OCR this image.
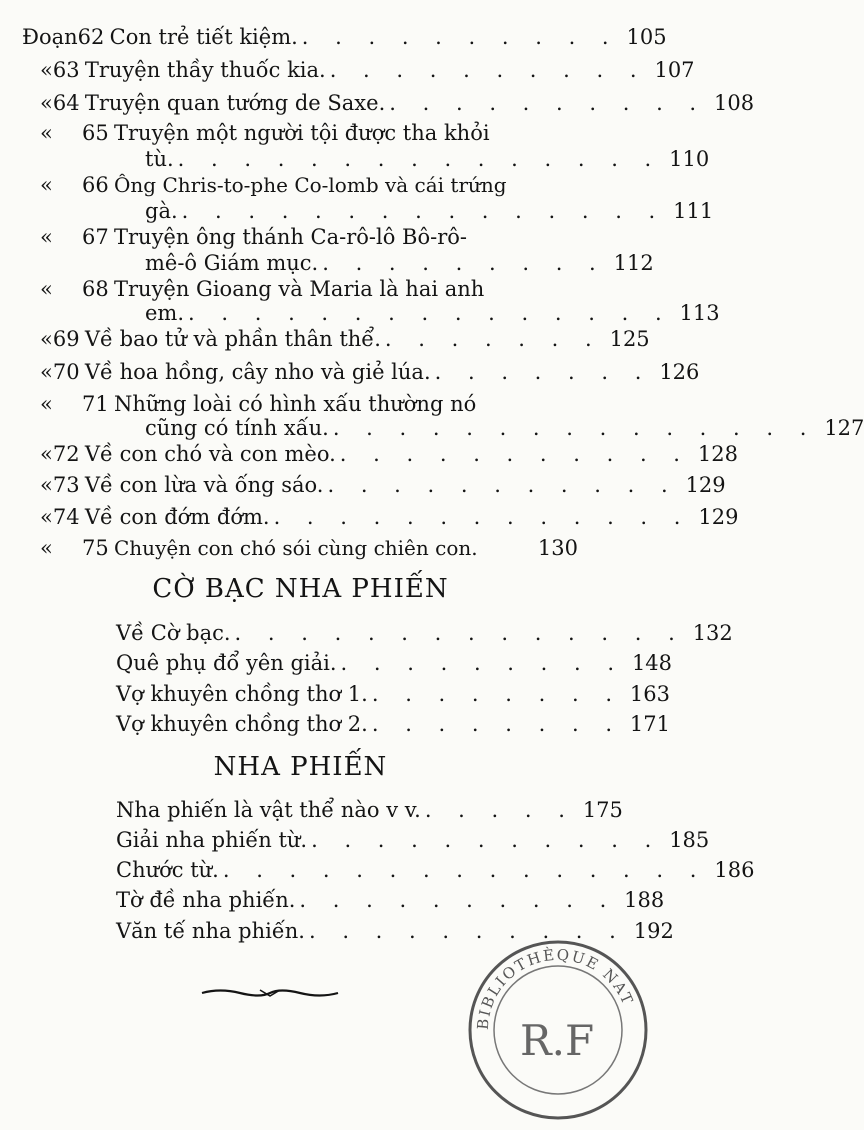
Đoạn 62 Con trẻ tiết kiệm. . . . . . . . . . . 105
« 63 Truyện thầy thuốc kia. . . . . . . . . . . 107
« 64 Truyện quan tướng de Saxe. . . . . . . . . . . 108
«	65 Truyện một người tội được tha khỏi
tù. . . . . . . . . . . . . . . . 110
«	66 Ông Chris-to-phe Co-lomb và cái trứng
gà. . . . . . . . . . . . . . . . 111
«	67 Truyện ông thánh Ca-rô-lô Bô-rô-
mê-ô Giám mục. . . . . . . . . . 112
«	68 Truyện Gioang và Maria là hai anh
em. . . . . . . . . . . . . . . . 113
« 69 Về bao tử và phần thân thể. . . . . . . . 125
« 70 Về hoa hồng, cây nho và giẻ lúa. . . . . . . . 126
«	71 Những loài có hình xấu thường nó
cũng có tính xấu. . . . . . . . . . . . . . . . 127
« 72 Về con chó và con mèo. . . . . . . . . . . . 128
« 73 Về con lừa và ống sáo. . . . . . . . . . . . 129
« 74 Về con đớm đớm. . . . . . . . . . . . . . 129
«	75 Chuyện con chó sói cùng chiên con.	130
CỜ BẠC NHA PHIẾN
Về Cờ bạc. . . . . . . . . . . . . . . 132
Quê phụ đổ yên giải. . . . . . . . . . 148
Vợ khuyên chồng thơ 1. . . . . . . . . 163
Vợ khuyên chồng thơ 2. . . . . . . . . 171
NHA PHIẾN
Nha phiến là vật thể nào v v. . . . . . 175
Giải nha phiến từ. . . . . . . . . . . . 185
Chước từ. . . . . . . . . . . . . . . . 186
Tờ đề nha phiến. . . . . . . . . . . 188
Văn tế nha phiến. . . . . . . . . . . 192
BIBLIOTHÈQUE NAT
R.F
